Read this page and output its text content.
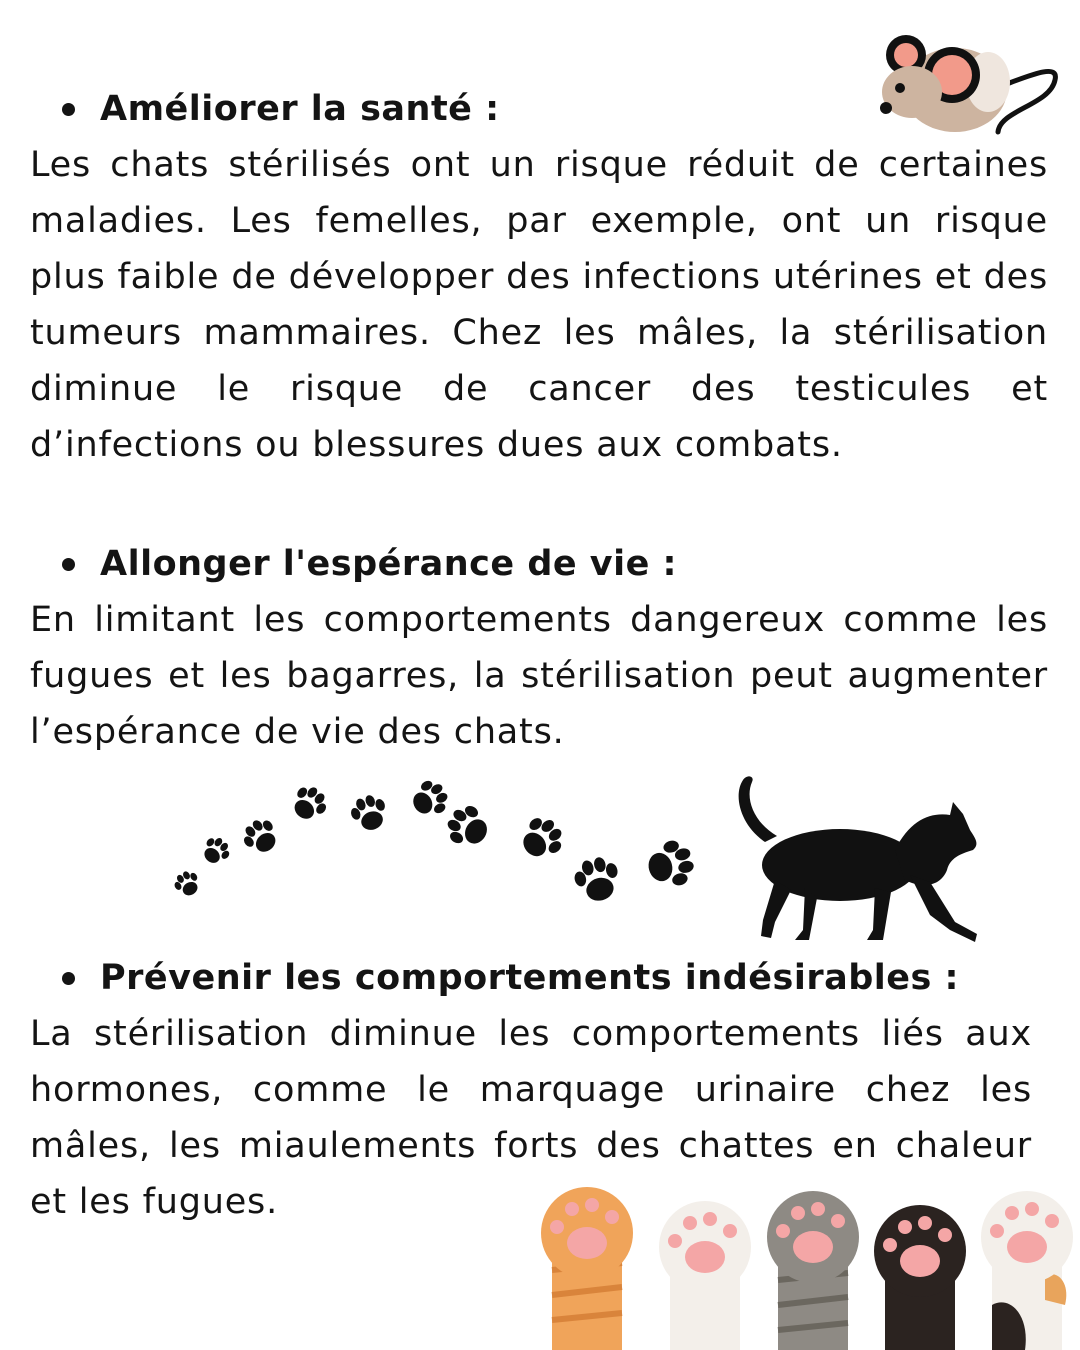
Améliorer la santé :

Les chats stérilisés ont un risque réduit de certaines maladies. Les femelles, par exemple, ont un risque plus faible de développer des infections utérines et des tumeurs mammaires. Chez les mâles, la stérilisation diminue le risque de cancer des testicules et d’infections ou blessures dues aux combats.

Allonger l'espérance de vie :

En limitant les comportements dangereux comme les fugues et les bagarres, la stérilisation peut augmenter l’espérance de vie des chats.

Prévenir les comportements indésirables :

La stérilisation diminue les comportements liés aux hormones, comme le marquage urinaire chez les mâles, les miaulements forts des chattes en chaleur et les fugues.
